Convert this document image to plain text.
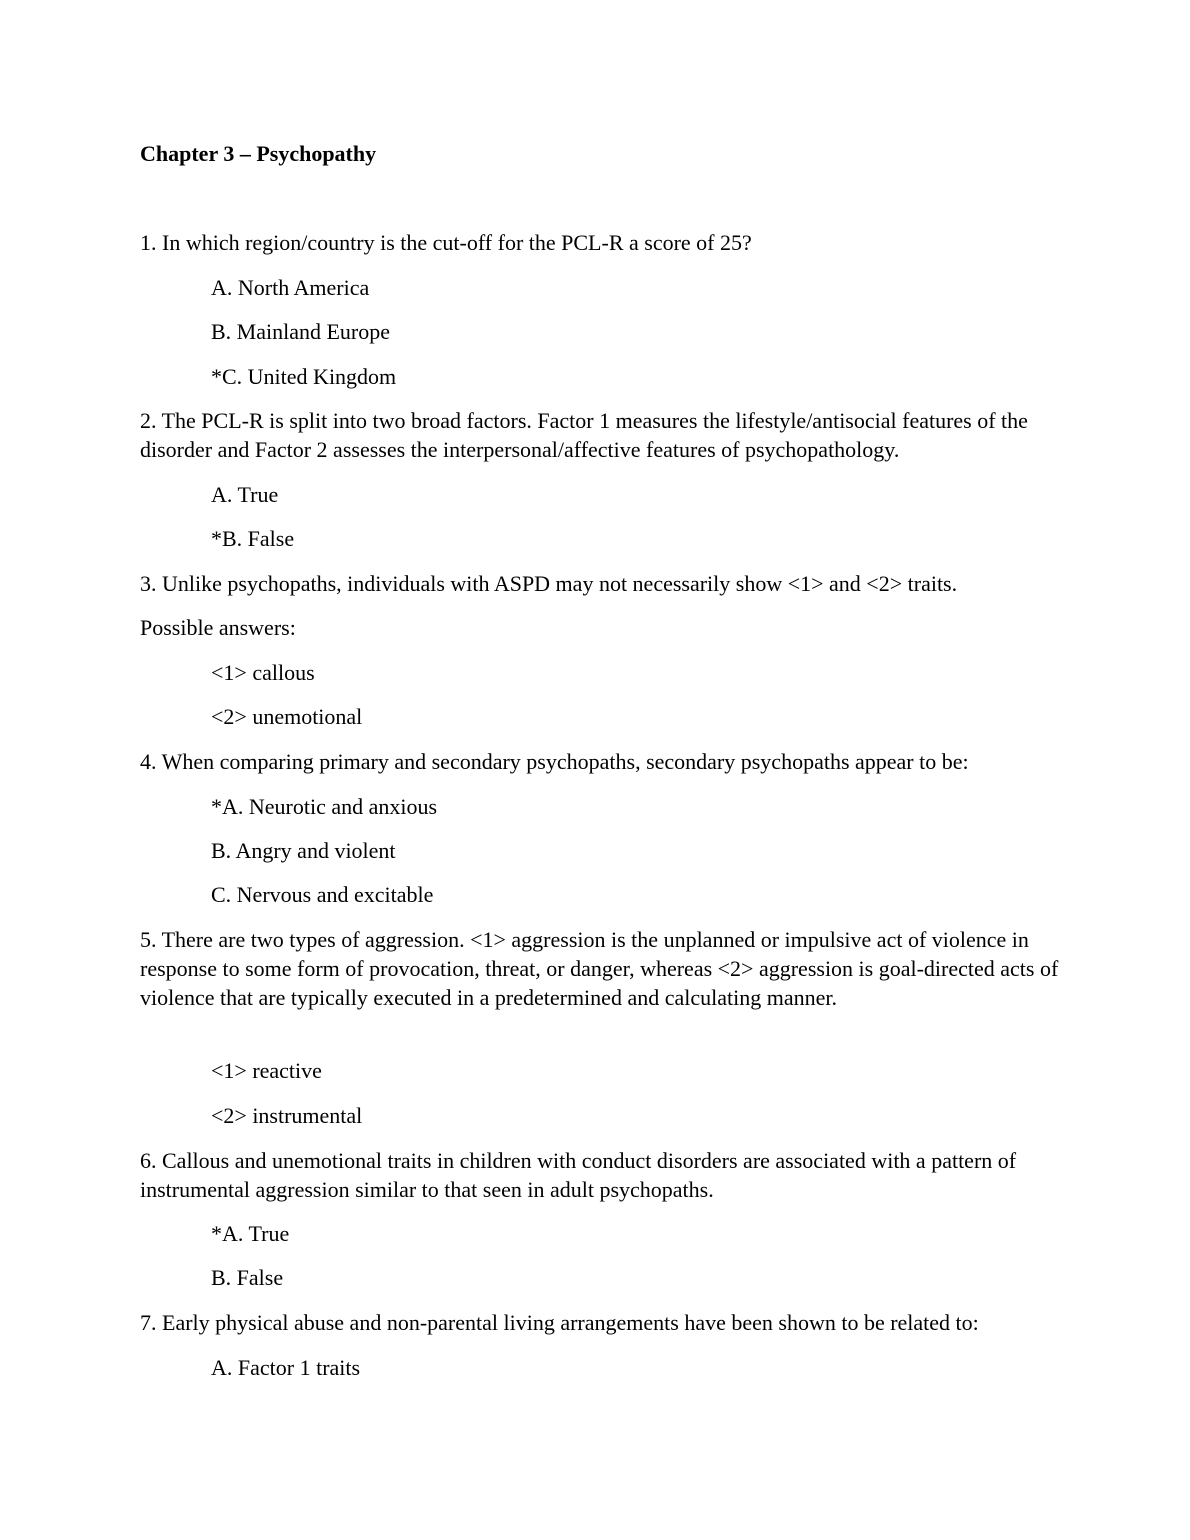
Chapter 3 – Psychopathy

1. In which region/country is the cut-off for the PCL-R a score of 25?

A. North America

B. Mainland Europe

*C. United Kingdom

2. The PCL-R is split into two broad factors. Factor 1 measures the lifestyle/antisocial features of the disorder and Factor 2 assesses the interpersonal/affective features of psychopathology.

A. True

*B. False

3. Unlike psychopaths, individuals with ASPD may not necessarily show <1> and <2> traits.

Possible answers:

<1> callous

<2> unemotional

4. When comparing primary and secondary psychopaths, secondary psychopaths appear to be:

*A. Neurotic and anxious

B. Angry and violent

C. Nervous and excitable

5. There are two types of aggression. <1> aggression is the unplanned or impulsive act of violence in response to some form of provocation, threat, or danger, whereas <2> aggression is goal-directed acts of violence that are typically executed in a predetermined and calculating manner.

<1> reactive

<2> instrumental

6. Callous and unemotional traits in children with conduct disorders are associated with a pattern of instrumental aggression similar to that seen in adult psychopaths.

*A. True

B. False

7. Early physical abuse and non-parental living arrangements have been shown to be related to:

A. Factor 1 traits
